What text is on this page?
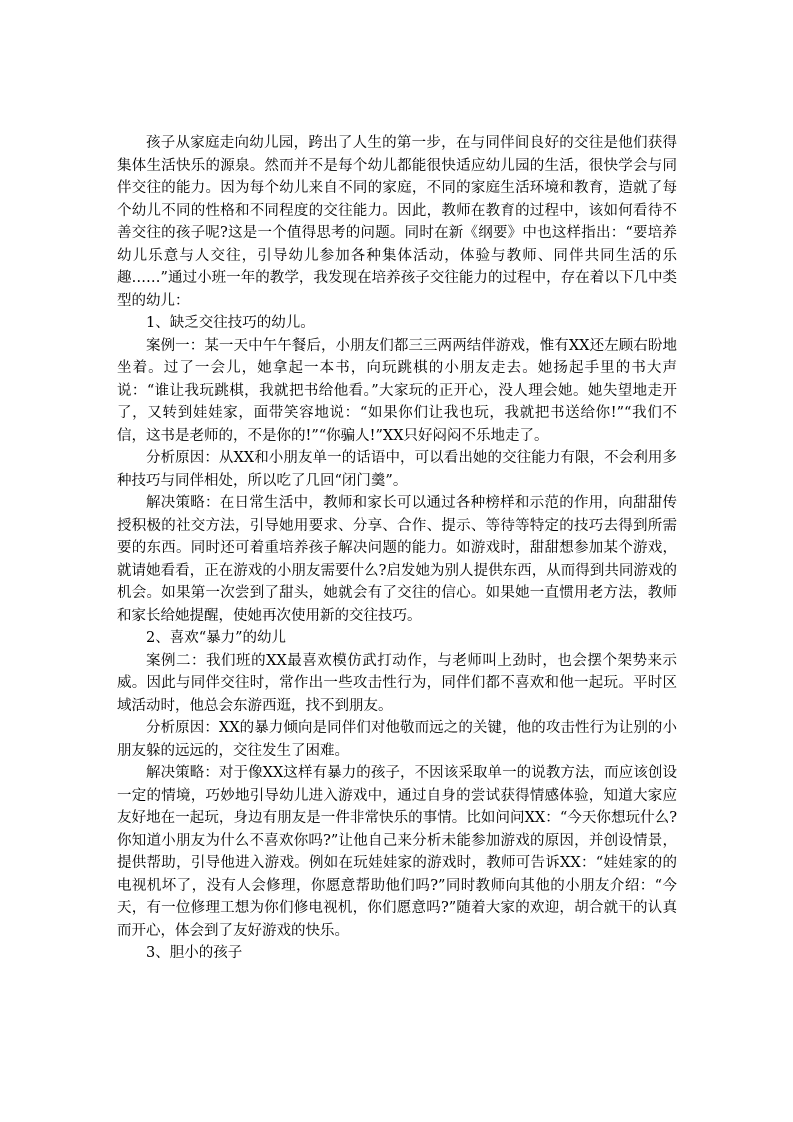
孩子从家庭走向幼儿园，跨出了人生的第一步，在与同伴间良好的交往是他们获得集体生活快乐的源泉。然而并不是每个幼儿都能很快适应幼儿园的生活，很快学会与同伴交往的能力。因为每个幼儿来自不同的家庭，不同的家庭生活环境和教育，造就了每个幼儿不同的性格和不同程度的交往能力。因此，教师在教育的过程中，该如何看待不善交往的孩子呢?这是一个值得思考的问题。同时在新《纲要》中也这样指出：“要培养幼儿乐意与人交往，引导幼儿参加各种集体活动，体验与教师、同伴共同生活的乐趣……”通过小班一年的教学，我发现在培养孩子交往能力的过程中，存在着以下几中类型的幼儿：

1、缺乏交往技巧的幼儿。

案例一：某一天中午午餐后，小朋友们都三三两两结伴游戏，惟有XX还左顾右盼地坐着。过了一会儿，她拿起一本书，向玩跳棋的小朋友走去。她扬起手里的书大声说：“谁让我玩跳棋，我就把书给他看。”大家玩的正开心，没人理会她。她失望地走开了，又转到娃娃家，面带笑容地说：“如果你们让我也玩，我就把书送给你!”“我们不信，这书是老师的，不是你的!”“你骗人!”XX只好闷闷不乐地走了。

分析原因：从XX和小朋友单一的话语中，可以看出她的交往能力有限，不会利用多种技巧与同伴相处，所以吃了几回“闭门羹”。

解决策略：在日常生活中，教师和家长可以通过各种榜样和示范的作用，向甜甜传授积极的社交方法，引导她用要求、分享、合作、提示、等待等特定的技巧去得到所需要的东西。同时还可着重培养孩子解决问题的能力。如游戏时，甜甜想参加某个游戏，就请她看看，正在游戏的小朋友需要什么?启发她为别人提供东西，从而得到共同游戏的机会。如果第一次尝到了甜头，她就会有了交往的信心。如果她一直惯用老方法，教师和家长给她提醒，使她再次使用新的交往技巧。

2、喜欢“暴力”的幼儿

案例二：我们班的XX最喜欢模仿武打动作，与老师叫上劲时，也会摆个架势来示威。因此与同伴交往时，常作出一些攻击性行为，同伴们都不喜欢和他一起玩。平时区域活动时，他总会东游西逛，找不到朋友。

分析原因：XX的暴力倾向是同伴们对他敬而远之的关键，他的攻击性行为让别的小朋友躲的远远的，交往发生了困难。

解决策略：对于像XX这样有暴力的孩子，不因该采取单一的说教方法，而应该创设一定的情境，巧妙地引导幼儿进入游戏中，通过自身的尝试获得情感体验，知道大家应友好地在一起玩，身边有朋友是一件非常快乐的事情。比如问问XX：“今天你想玩什么?你知道小朋友为什么不喜欢你吗?”让他自己来分析未能参加游戏的原因，并创设情景，提供帮助，引导他进入游戏。例如在玩娃娃家的游戏时，教师可告诉XX：“娃娃家的的电视机坏了，没有人会修理，你愿意帮助他们吗?”同时教师向其他的小朋友介绍：“今天，有一位修理工想为你们修电视机，你们愿意吗?”随着大家的欢迎，胡合就干的认真而开心，体会到了友好游戏的快乐。

3、胆小的孩子
